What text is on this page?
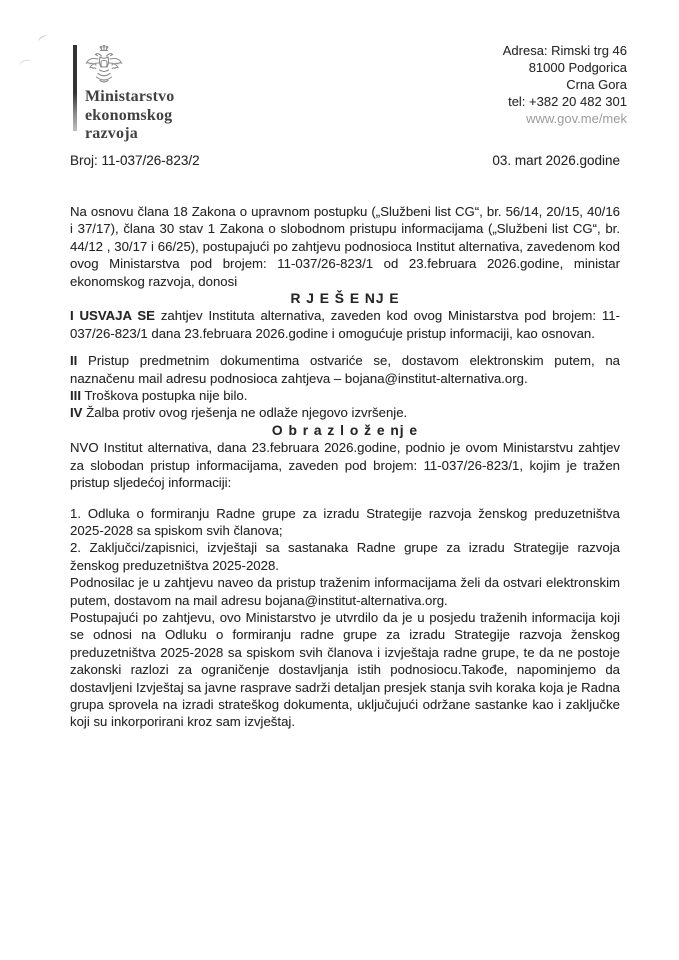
Ministarstvo
ekonomskog
razvoja
Adresa: Rimski trg 46
81000 Podgorica
Crna Gora
tel: +382 20 482 301
www.gov.me/mek
Broj: 11-037/26-823/2	03. mart 2026.godine

Na osnovu člana 18 Zakona o upravnom postupku („Službeni list CG“, br. 56/14, 20/15, 40/16 i 37/17), člana 30 stav 1 Zakona o slobodnom pristupu informacijama („Službeni list CG“, br. 44/12 , 30/17 i 66/25), postupajući po zahtjevu podnosioca Institut alternativa, zavedenom kod ovog Ministarstva pod brojem: 11-037/26-823/1 od 23.februara 2026.godine, ministar ekonomskog razvoja, donosi

R J E Š E NJ E

I USVAJA SE zahtjev Instituta alternativa, zaveden kod ovog Ministarstva pod brojem: 11-037/26-823/1 dana 23.februara 2026.godine i omogućuje pristup informaciji, kao osnovan.

II Pristup predmetnim dokumentima ostvariće se, dostavom elektronskim putem, na naznačenu mail adresu podnosioca zahtjeva – bojana@institut-alternativa.org.

III Troškova postupka nije bilo.

IV Žalba protiv ovog rješenja ne odlaže njegovo izvršenje.

O b r a z l o ž e nj e

NVO Institut alternativa, dana 23.februara 2026.godine, podnio je ovom Ministarstvu zahtjev za slobodan pristup informacijama, zaveden pod brojem: 11-037/26-823/1, kojim je tražen pristup sljedećoj informaciji:

1. Odluka o formiranju Radne grupe za izradu Strategije razvoja ženskog preduzetništva 2025-2028 sa spiskom svih članova;

2. Zaključci/zapisnici, izvještaji sa sastanaka Radne grupe za izradu Strategije razvoja ženskog preduzetništva 2025-2028.

Podnosilac je u zahtjevu naveo da pristup traženim informacijama želi da ostvari elektronskim putem, dostavom na mail adresu bojana@institut-alternativa.org.

Postupajući po zahtjevu, ovo Ministarstvo je utvrdilo da je u posjedu traženih informacija koji se odnosi na Odluku o formiranju radne grupe za izradu Strategije razvoja ženskog preduzetništva 2025-2028 sa spiskom svih članova i izvještaja radne grupe, te da ne postoje zakonski razlozi za ograničenje dostavljanja istih podnosiocu.Takođe, napominjemo da dostavljeni Izvještaj sa javne rasprave sadrži detaljan presjek stanja svih koraka koja je Radna grupa sprovela na izradi strateškog dokumenta, uključujući održane sastanke kao i zaključke koji su inkorporirani kroz sam izvještaj.
